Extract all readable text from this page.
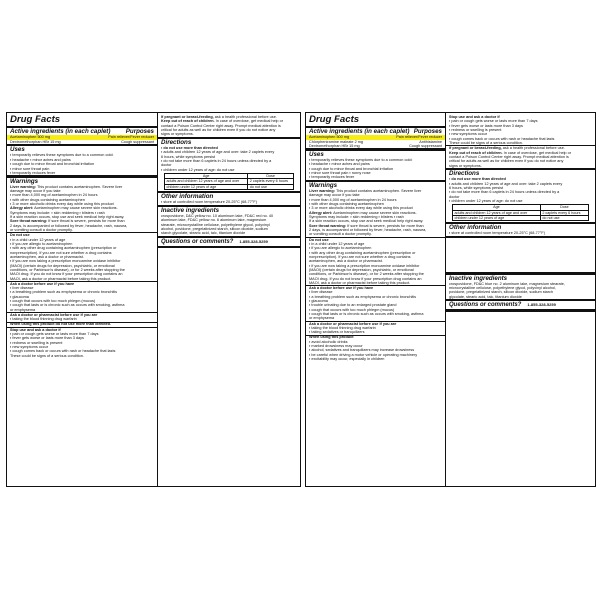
Drug Facts
Active ingredients (in each caplet) Purposes
Acetaminophen 500 mg	Pain reliever/Fever reducer
Dextromethorphan HBr 15 mg	Cough suppressant
Uses
▪ temporarily relieves these symptoms due to a common cold:
▪ headache ▪ minor aches and pains
▪ cough due to minor throat and bronchial irritation
▪ minor sore throat pain
▪ temporarily reduces fever
Warnings
Liver warning: This product contains acetaminophen. Severe liver
damage may occur if you take
▪ more than 4,000 mg of acetaminophen in 24 hours
▪ with other drugs containing acetaminophen
▪ 3 or more alcoholic drinks every day while using this product
Allergy alert: Acetaminophen may cause severe skin reactions.
Symptoms may include: ▪ skin reddening ▪ blisters ▪ rash
If a skin reaction occurs, stop use and seek medical help right away.
Sore throat warning: If sore throat is severe, persists for more than
2 days, is accompanied or followed by fever, headache, rash, nausea,
or vomiting consult a doctor promptly.
Do not use
▪ in a child under 12 years of age
▪ if you are allergic to acetaminophen
▪ with any other drug containing acetaminophen (prescription or
nonprescription). If you are not sure whether a drug contains
acetaminophen, ask a doctor or pharmacist.
▪ if you are now taking a prescription monoamine oxidase inhibitor
(MAOI) (certain drugs for depression, psychiatric, or emotional
conditions, or Parkinson's disease), or for 2 weeks after stopping the
MAOI drug. If you do not know if your prescription drug contains an
MAOI, ask a doctor or pharmacist before taking this product.
Ask a doctor before use if you have
▪ liver disease
▪ a breathing problem such as emphysema or chronic bronchitis
▪ glaucoma
▪ cough that occurs with too much phlegm (mucus)
▪ cough that lasts or is chronic such as occurs with smoking, asthma
or emphysema
Ask a doctor or pharmacist before use if you are
▪ taking the blood thinning drug warfarin
When using this product do not use more than directed.
Stop use and ask a doctor if
▪ pain or cough gets worse or lasts more than 7 days
▪ fever gets worse or lasts more than 3 days
▪ redness or swelling is present
▪ new symptoms occur
▪ cough comes back or occurs with rash or headache that lasts
These could be signs of a serious condition.
If pregnant or breast-feeding, ask a health professional before use.
Keep out of reach of children. In case of overdose, get medical help or
contact a Poison Control Center right away. Prompt medical attention is
critical for adults as well as for children even if you do not notice any
signs or symptoms.
Directions
▪ do not use more than directed
▪ adults and children 12 years of age and over: take 2 caplets every
6 hours, while symptoms persist
▪ do not take more than 6 caplets in 24 hours unless directed by a
doctor
▪ children under 12 years of age: do not use
Age	Dose
adults and children 12 years of age and over	2 caplets every 6 hours
children under 12 years of age	do not use
Other information
▪ store at controlled room temperature 20-25°C (68-77°F)
Inactive ingredients
crospovidone, D&C yellow no. 10 aluminum lake, FD&C red no. 40
aluminum lake, FD&C yellow no. 6 aluminum lake, magnesium
stearate, microcrystalline cellulose, polyethylene glycol, polyvinyl
alcohol, povidone, pregelatinized starch, silicon dioxide, sodium
starch glycolate, stearic acid, talc, titanium dioxide
Questions or comments? 1-855-328-5259
Drug Facts
Active ingredients (in each caplet) Purposes
Acetaminophen 500 mg	Pain reliever/Fever reducer
Chlorpheniramine maleate 2 mg	Antihistamine
Dextromethorphan HBr 15 mg	Cough suppressant
Uses
▪ temporarily relieves these symptoms due to a common cold:
▪ headache ▪ minor aches and pains
▪ cough due to minor throat and bronchial irritation
▪ minor sore throat pain ▪ runny nose
▪ temporarily reduces fever
Warnings
Liver warning: This product contains acetaminophen. Severe liver
damage may occur if you take
▪ more than 4,000 mg of acetaminophen in 24 hours
▪ with other drugs containing acetaminophen
▪ 3 or more alcoholic drinks every day while using this product
Allergy alert: Acetaminophen may cause severe skin reactions.
Symptoms may include: ▪ skin reddening ▪ blisters ▪ rash
If a skin reaction occurs, stop use and seek medical help right away.
Sore throat warning: If sore throat is severe, persists for more than
2 days, is accompanied or followed by fever, headache, rash, nausea,
or vomiting consult a doctor promptly.
Do not use
▪ in a child under 12 years of age
▪ if you are allergic to acetaminophen
▪ with any other drug containing acetaminophen (prescription or
nonprescription). If you are not sure whether a drug contains
acetaminophen, ask a doctor or pharmacist.
▪ if you are now taking a prescription monoamine oxidase inhibitor
(MAOI) (certain drugs for depression, psychiatric, or emotional
conditions, or Parkinson's disease), or for 2 weeks after stopping the
MAOI drug. If you do not know if your prescription drug contains an
MAOI, ask a doctor or pharmacist before taking this product.
Ask a doctor before use if you have
▪ liver disease
▪ a breathing problem such as emphysema or chronic bronchitis
▪ glaucoma
▪ trouble urinating due to an enlarged prostate gland
▪ cough that occurs with too much phlegm (mucus)
▪ cough that lasts or is chronic such as occurs with smoking, asthma
or emphysema
Ask a doctor or pharmacist before use if you are
▪ taking the blood thinning drug warfarin
▪ taking sedatives or tranquilizers
When using this product
▪ avoid alcoholic drinks
▪ marked drowsiness may occur
▪ alcohol, sedatives and tranquilizers may increase drowsiness
▪ be careful when driving a motor vehicle or operating machinery
▪ excitability may occur, especially in children
Stop use and ask a doctor if
▪ pain or cough gets worse or lasts more than 7 days
▪ fever gets worse or lasts more than 3 days
▪ redness or swelling is present
▪ new symptoms occur
▪ cough comes back or occurs with rash or headache that lasts
These could be signs of a serious condition.
If pregnant or breast-feeding, ask a health professional before use.
Keep out of reach of children. In case of overdose, get medical help or
contact a Poison Control Center right away. Prompt medical attention is
critical for adults as well as for children even if you do not notice any
signs or symptoms.
Directions
▪ do not use more than directed
▪ adults and children 12 years of age and over: take 2 caplets every
6 hours, while symptoms persist
▪ do not take more than 6 caplets in 24 hours unless directed by a
doctor
▪ children under 12 years of age: do not use
Age	Dose
adults and children 12 years of age and over	2 caplets every 6 hours
children under 12 years of age	do not use
Other information
▪ store at controlled room temperature 20-25°C (68-77°F)
Inactive ingredients
crospovidone, FD&C blue no. 2 aluminum lake, magnesium stearate,
microcrystalline cellulose, polyethylene glycol, polyvinyl alcohol,
povidone, pregelatinized starch, silicon dioxide, sodium starch
glycolate, stearic acid, talc, titanium dioxide
Questions or comments? 1-855-328-5259
